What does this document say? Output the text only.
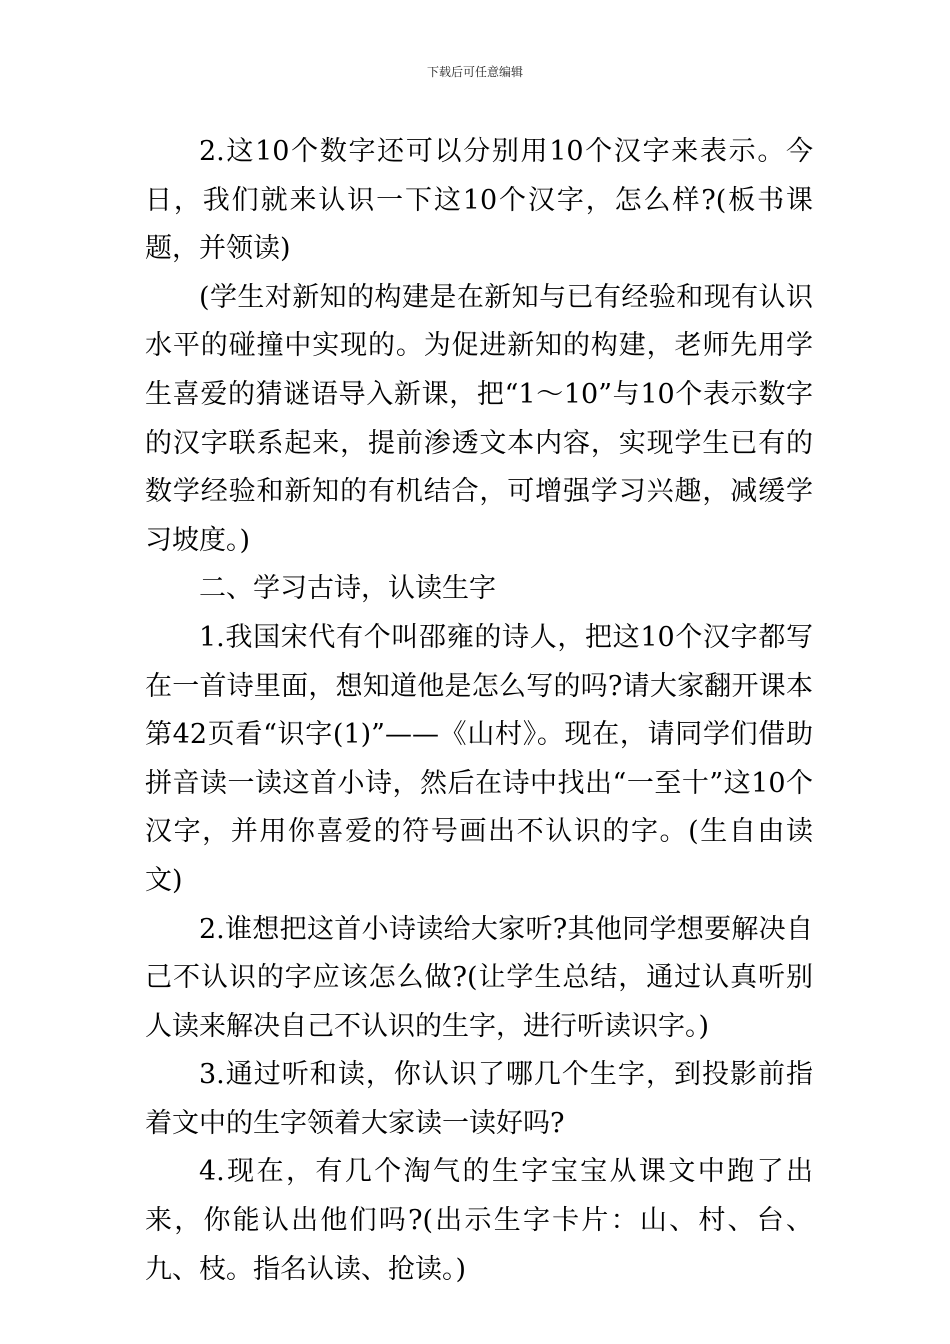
下载后可任意编辑

2.这10个数字还可以分别用10个汉字来表示。今日，我们就来认识一下这10个汉字，怎么样?(板书课题，并领读)

(学生对新知的构建是在新知与已有经验和现有认识水平的碰撞中实现的。为促进新知的构建，老师先用学生喜爱的猜谜语导入新课，把“1～10”与10个表示数字的汉字联系起来，提前渗透文本内容，实现学生已有的数学经验和新知的有机结合，可增强学习兴趣，减缓学习坡度。)

二、学习古诗，认读生字

1.我国宋代有个叫邵雍的诗人，把这10个汉字都写在一首诗里面，想知道他是怎么写的吗?请大家翻开课本第42页看“识字(1)”——《山村》。现在，请同学们借助拼音读一读这首小诗，然后在诗中找出“一至十”这10个汉字，并用你喜爱的符号画出不认识的字。(生自由读文)

2.谁想把这首小诗读给大家听?其他同学想要解决自己不认识的字应该怎么做?(让学生总结，通过认真听别人读来解决自己不认识的生字，进行听读识字。)

3.通过听和读，你认识了哪几个生字，到投影前指着文中的生字领着大家读一读好吗?

4.现在，有几个淘气的生字宝宝从课文中跑了出来，你能认出他们吗?(出示生字卡片：山、村、台、九、枝。指名认读、抢读。)
